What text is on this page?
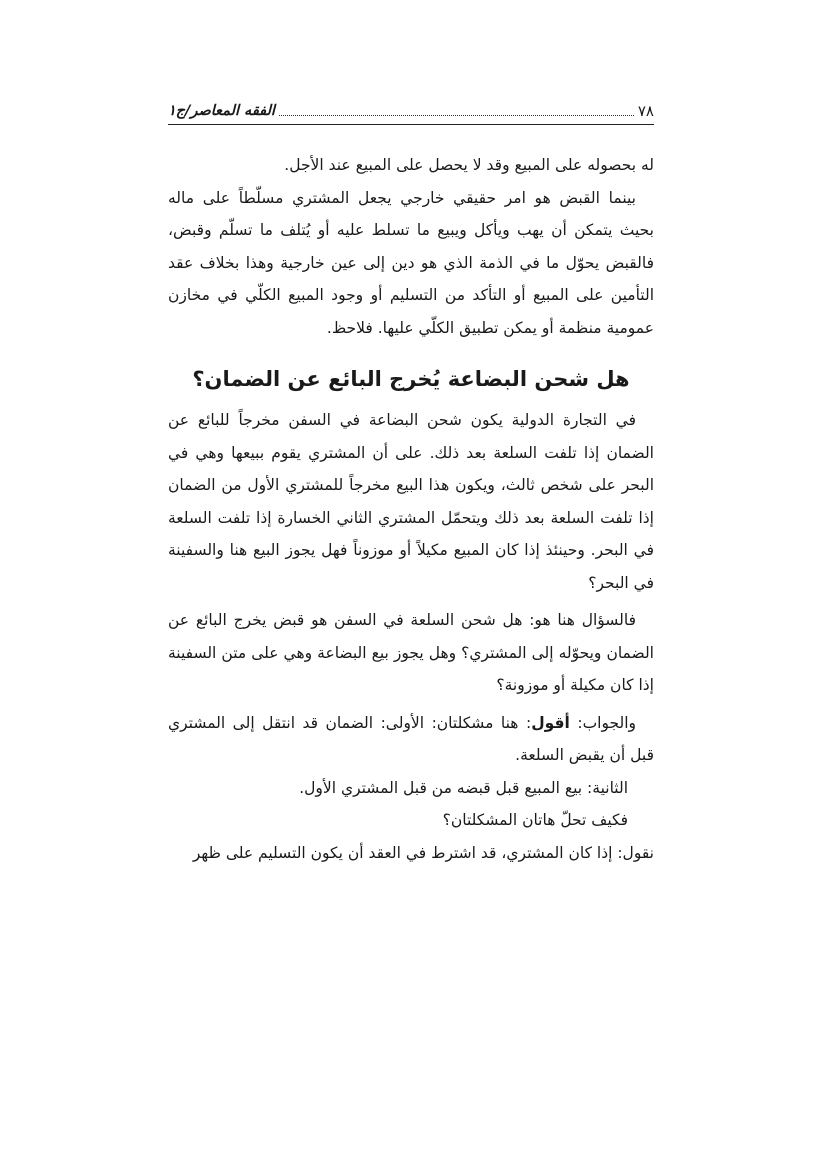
٧٨
الفقه المعاصر/ج١

له بحصوله على المبيع وقد لا يحصل على المبيع عند الأجل.

بينما القبض هو امر حقيقي خارجي يجعل المشتري مسلّطاً على ماله بحيث يتمكن أن يهب ويأكل ويبيع ما تسلط عليه أو يُتلف ما تسلّم وقبض، فالقبض يحوّل ما في الذمة الذي هو دين إلى عين خارجية وهذا بخلاف عقد التأمين على المبيع أو التأكد من التسليم أو وجود المبيع الكلّي في مخازن عمومية منظمة أو يمكن تطبيق الكلّي عليها. فلاحظ.

هل شحن البضاعة يُخرج البائع عن الضمان؟

في التجارة الدولية يكون شحن البضاعة في السفن مخرجاً للبائع عن الضمان إذا تلفت السلعة بعد ذلك. على أن المشتري يقوم ببيعها وهي في البحر على شخص ثالث، ويكون هذا البيع مخرجاً للمشتري الأول من الضمان إذا تلفت السلعة بعد ذلك ويتحمّل المشتري الثاني الخسارة إذا تلفت السلعة في البحر. وحينئذ إذا كان المبيع مكيلاً أو موزوناً فهل يجوز البيع هنا والسفينة في البحر؟

فالسؤال هنا هو: هل شحن السلعة في السفن هو قبض يخرج البائع عن الضمان ويحوّله إلى المشتري؟ وهل يجوز بيع البضاعة وهي على متن السفينة إذا كان مكيلة أو موزونة؟

والجواب: أقول: هنا مشكلتان: الأولى: الضمان قد انتقل إلى المشتري قبل أن يقبض السلعة.

الثانية: بيع المبيع قبل قبضه من قبل المشتري الأول.

فكيف تحلّ هاتان المشكلتان؟

نقول: إذا كان المشتري، قد اشترط في العقد أن يكون التسليم على ظهر
